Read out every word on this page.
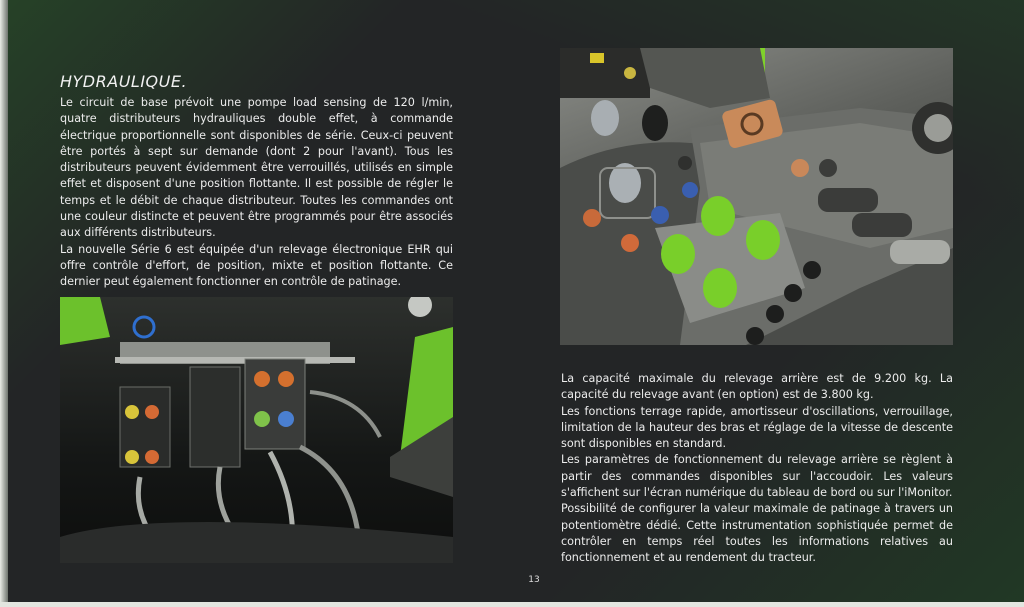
HYDRAULIQUE.

Le circuit de base prévoit une pompe load sensing de 120 l/min, quatre distributeurs hydrauliques double effet, à commande électrique proportionnelle sont disponibles de série. Ceux-ci peuvent être portés à sept sur demande (dont 2 pour l'avant). Tous les distributeurs peuvent évidemment être verrouillés, utilisés en simple effet et disposent d'une position flottante. Il est possible de régler le temps et le débit de chaque distributeur. Toutes les commandes ont une couleur distincte et peuvent être programmés pour être associés aux différents distributeurs.

La nouvelle Série 6 est équipée d'un relevage électronique EHR qui offre contrôle d'effort, de position, mixte et position flottante. Ce dernier peut également fonctionner en contrôle de patinage.

La capacité maximale du relevage arrière est de 9.200 kg. La capacité du relevage avant (en option) est de 3.800 kg.

Les fonctions terrage rapide, amortisseur d'oscillations, verrouillage, limitation de la hauteur des bras et réglage de la vitesse de descente sont disponibles en standard.

Les paramètres de fonctionnement du relevage arrière se règlent à partir des commandes disponibles sur l'accoudoir. Les valeurs s'affichent sur l'écran numérique du tableau de bord ou sur l'iMonitor.

Possibilité de configurer la valeur maximale de patinage à travers un potentiomètre dédié. Cette instrumentation sophistiquée permet de contrôler en temps réel toutes les informations relatives au fonctionnement et au rendement du tracteur.

13
